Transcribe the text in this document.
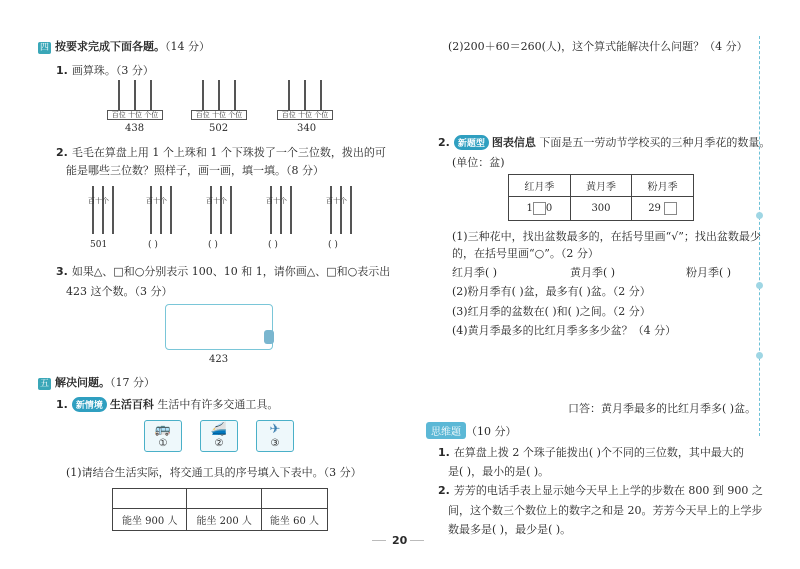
四 按要求完成下面各题。（14 分）
1. 画算珠。（3 分）
百位 十位 个位
438
百位 十位 个位
502
百位 十位 个位
340
2. 毛毛在算盘上用 1 个上珠和 1 个下珠拨了一个三位数，拨出的可
能是哪些三位数？照样子，画一画，填一填。（8 分）
百十个
501
百十个
( )
百十个
( )
百十个
( )
百十个
( )
3. 如果△、□和○分别表示 100、10 和 1，请你画△、□和○表示出
423 这个数。（3 分）
423
五 解决问题。（17 分）
1. 新情境 生活百科 生活中有许多交通工具。
🚌
①
🚄
②
✈
③
(1)请结合生活实际，将交通工具的序号填入下表中。（3 分）

能坐 900 人	能坐 200 人	能坐 60 人
20
(2)200＋60＝260(人)，这个算式能解决什么问题？（4 分）
2. 新题型 图表信息 下面是五一劳动节学校买的三种月季花的数量。
(单位：盆)
红月季	黄月季	粉月季
1 0	300	29
(1)三种花中，找出盆数最多的，在括号里画“√”；找出盆数最少
的，在括号里画“○”。（2 分）
红月季( )	黄月季( )	粉月季( )
(2)粉月季有( )盆，最多有( )盆。（2 分）
(3)红月季的盆数在( )和( )之间。（2 分）
(4)黄月季最多的比红月季多多少盆？（4 分）
口答：黄月季最多的比红月季多( )盆。
思维题 （10 分）
1. 在算盘上拨 2 个珠子能拨出( )个不同的三位数，其中最大的
是( )，最小的是( )。
2. 芳芳的电话手表上显示她今天早上上学的步数在 800 到 900 之
间，这个数三个数位上的数字之和是 20。芳芳今天早上的上学步
数最多是( )，最少是( )。
